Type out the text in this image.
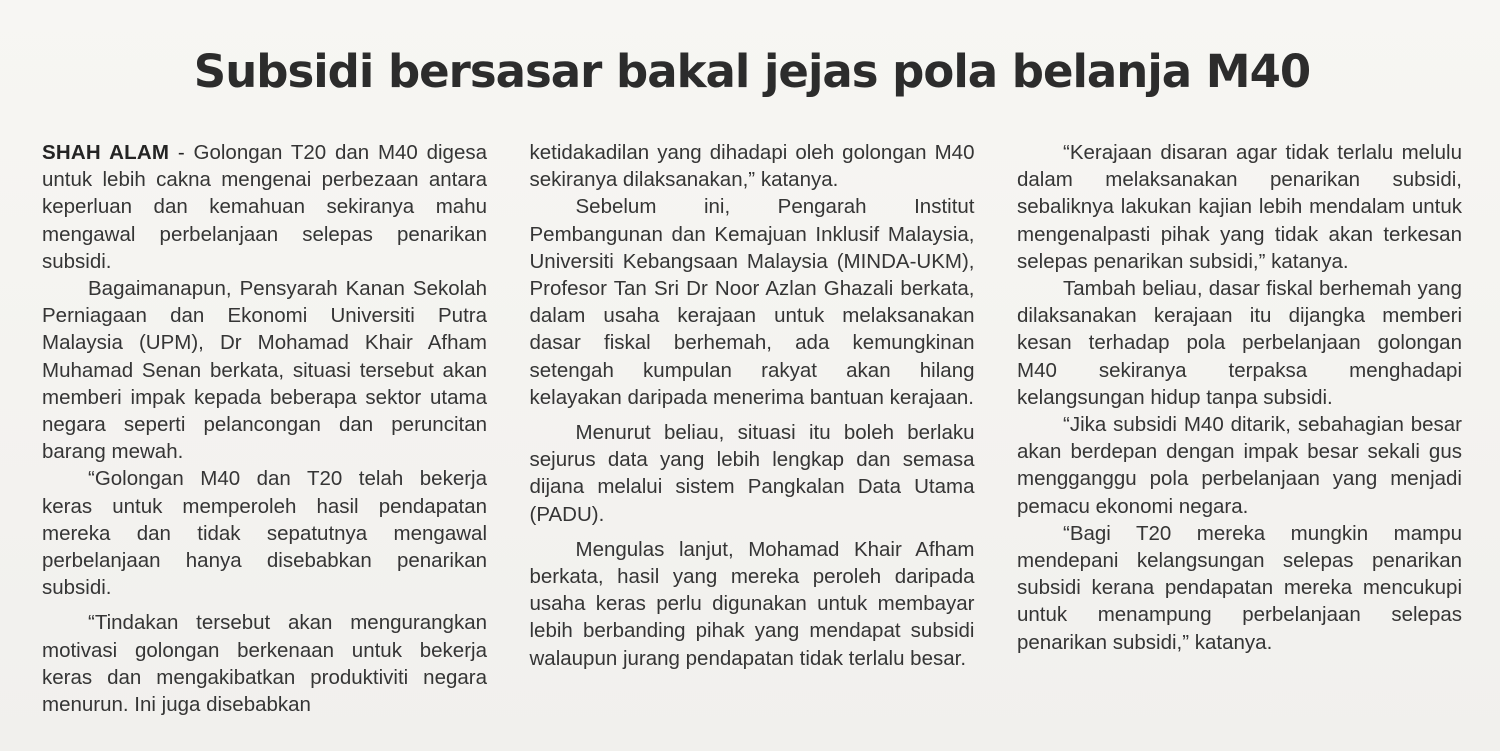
Subsidi bersasar bakal jejas pola belanja M40

SHAH ALAM - Golongan T20 dan M40 digesa untuk lebih cakna mengenai perbezaan antara keperluan dan kemahuan sekiranya mahu mengawal perbelanjaan selepas penarikan subsidi.

Bagaimanapun, Pensyarah Kanan Sekolah Perniagaan dan Ekonomi Universiti Putra Malaysia (UPM), Dr Mohamad Khair Afham Muhamad Senan berkata, situasi tersebut akan memberi impak kepada beberapa sektor utama negara seperti pelancongan dan peruncitan barang mewah.

“Golongan M40 dan T20 telah bekerja keras untuk memperoleh hasil pendapatan mereka dan tidak sepatutnya mengawal perbelanjaan hanya disebabkan penarikan subsidi.

“Tindakan tersebut akan mengurangkan motivasi golongan berkenaan untuk bekerja keras dan mengakibatkan produktiviti negara menurun. Ini juga disebabkan

ketidakadilan yang dihadapi oleh golongan M40 sekiranya dilaksanakan,” katanya.

Sebelum ini, Pengarah Institut Pembangunan dan Kemajuan Inklusif Malaysia, Universiti Kebangsaan Malaysia (MINDA-UKM), Profesor Tan Sri Dr Noor Azlan Ghazali berkata, dalam usaha kerajaan untuk melaksanakan dasar fiskal berhemah, ada kemungkinan setengah kumpulan rakyat akan hilang kelayakan daripada menerima bantuan kerajaan.

Menurut beliau, situasi itu boleh berlaku sejurus data yang lebih lengkap dan semasa dijana melalui sistem Pangkalan Data Utama (PADU).

Mengulas lanjut, Mohamad Khair Afham berkata, hasil yang mereka peroleh daripada usaha keras perlu digunakan untuk membayar lebih berbanding pihak yang mendapat subsidi walaupun jurang pendapatan tidak terlalu besar.

“Kerajaan disaran agar tidak terlalu melulu dalam melaksanakan penarikan subsidi, sebaliknya lakukan kajian lebih mendalam untuk mengenalpasti pihak yang tidak akan terkesan selepas penarikan subsidi,” katanya.

Tambah beliau, dasar fiskal berhemah yang dilaksanakan kerajaan itu dijangka memberi kesan terhadap pola perbelanjaan golongan M40 sekiranya terpaksa menghadapi kelangsungan hidup tanpa subsidi.

“Jika subsidi M40 ditarik, sebahagian besar akan berdepan dengan impak besar sekali gus mengganggu pola perbelanjaan yang menjadi pemacu ekonomi negara.

“Bagi T20 mereka mungkin mampu mendepani kelangsungan selepas penarikan subsidi kerana pendapatan mereka mencukupi untuk menampung perbelanjaan selepas penarikan subsidi,” katanya.
